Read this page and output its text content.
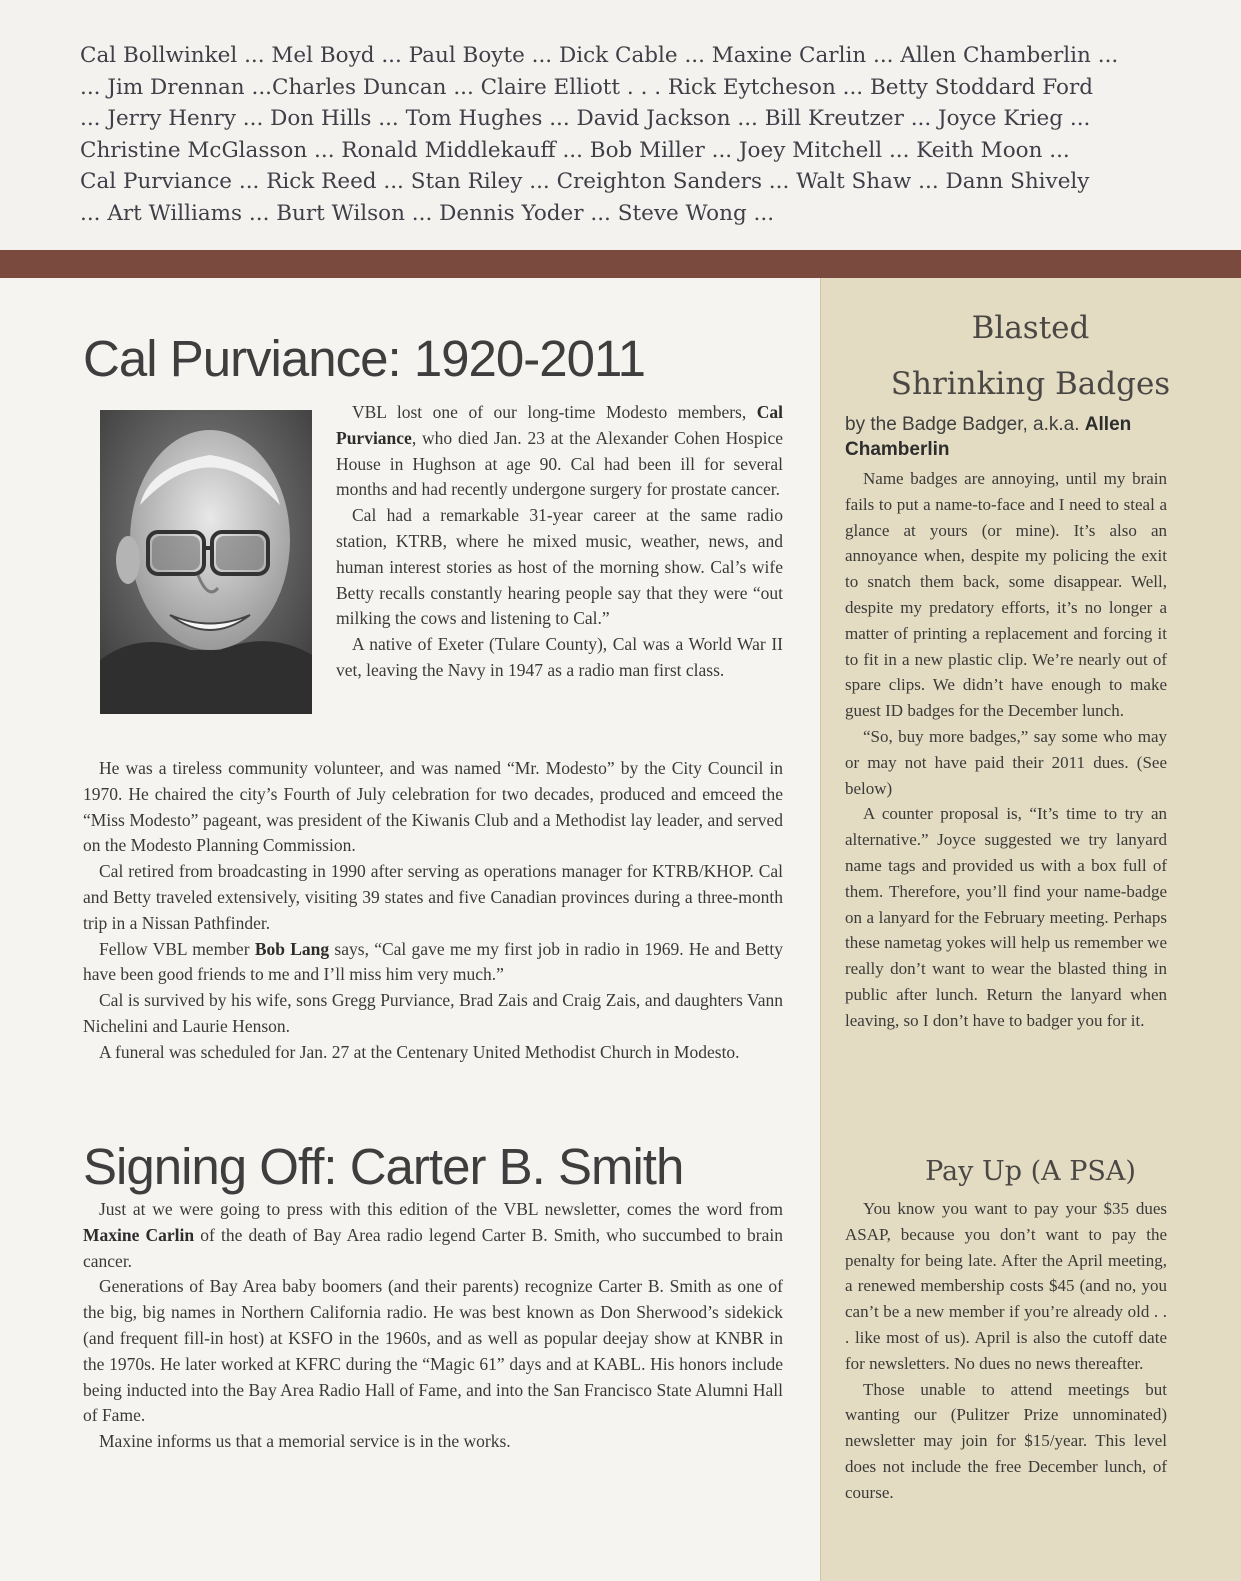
Cal Bollwinkel ... Mel Boyd ... Paul Boyte ... Dick Cable ... Maxine Carlin ... Allen Chamberlin ...
... Jim Drennan ...Charles Duncan ... Claire Elliott . . . Rick Eytcheson ... Betty Stoddard Ford
... Jerry Henry ... Don Hills ... Tom Hughes ... David Jackson ... Bill Kreutzer ... Joyce Krieg ...
Christine McGlasson ... Ronald Middlekauff ... Bob Miller ... Joey Mitchell ... Keith Moon ...
Cal Purviance ... Rick Reed ... Stan Riley ... Creighton Sanders ... Walt Shaw ... Dann Shively
... Art Williams ... Burt Wilson ... Dennis Yoder ... Steve Wong ...
Cal Purviance: 1920-2011

VBL lost one of our long-time Modesto members, Cal Purviance, who died Jan. 23 at the Alexander Cohen Hospice House in Hughson at age 90. Cal had been ill for several months and had recently undergone surgery for prostate cancer.

Cal had a remarkable 31-year career at the same radio station, KTRB, where he mixed music, weather, news, and human interest stories as host of the morning show. Cal’s wife Betty recalls constantly hearing people say that they were “out milking the cows and listening to Cal.”

A native of Exeter (Tulare County), Cal was a World War II vet, leaving the Navy in 1947 as a radio man first class.

He was a tireless community volunteer, and was named “Mr. Modesto” by the City Council in 1970. He chaired the city’s Fourth of July celebration for two decades, produced and emceed the “Miss Modesto” pageant, was president of the Kiwanis Club and a Methodist lay leader, and served on the Modesto Planning Commission.

Cal retired from broadcasting in 1990 after serving as operations manager for KTRB/KHOP. Cal and Betty traveled extensively, visiting 39 states and five Canadian provinces during a three-month trip in a Nissan Pathfinder.

Fellow VBL member Bob Lang says, “Cal gave me my first job in radio in 1969. He and Betty have been good friends to me and I’ll miss him very much.”

Cal is survived by his wife, sons Gregg Purviance, Brad Zais and Craig Zais, and daughters Vann Nichelini and Laurie Henson.

A funeral was scheduled for Jan. 27 at the Centenary United Methodist Church in Modesto.

Signing Off: Carter B. Smith

Just at we were going to press with this edition of the VBL newsletter, comes the word from Maxine Carlin of the death of Bay Area radio legend Carter B. Smith, who succumbed to brain cancer.

Generations of Bay Area baby boomers (and their parents) recognize Carter B. Smith as one of the big, big names in Northern California radio. He was best known as Don Sherwood’s sidekick (and frequent fill-in host) at KSFO in the 1960s, and as well as popular deejay show at KNBR in the 1970s. He later worked at KFRC during the “Magic 61” days and at KABL. His honors include being inducted into the Bay Area Radio Hall of Fame, and into the San Francisco State Alumni Hall of Fame.

Maxine informs us that a memorial service is in the works.

Blasted
Shrinking Badges
by the Badge Badger, a.k.a. Allen Chamberlin

Name badges are annoying, until my brain fails to put a name-to-face and I need to steal a glance at yours (or mine). It’s also an annoyance when, despite my policing the exit to snatch them back, some disappear. Well, despite my predatory efforts, it’s no longer a matter of printing a replacement and forcing it to fit in a new plastic clip. We’re nearly out of spare clips. We didn’t have enough to make guest ID badges for the December lunch.

“So, buy more badges,” say some who may or may not have paid their 2011 dues. (See below)

A counter proposal is, “It’s time to try an alternative.” Joyce suggested we try lanyard name tags and provided us with a box full of them. Therefore, you’ll find your name-badge on a lanyard for the February meeting. Perhaps these nametag yokes will help us remember we really don’t want to wear the blasted thing in public after lunch. Return the lanyard when leaving, so I don’t have to badger you for it.

Pay Up (A PSA)

You know you want to pay your $35 dues ASAP, because you don’t want to pay the penalty for being late. After the April meeting, a renewed membership costs $45 (and no, you can’t be a new member if you’re already old . . . like most of us). April is also the cutoff date for newsletters. No dues no news thereafter.

Those unable to attend meetings but wanting our (Pulitzer Prize unnominated) newsletter may join for $15/year. This level does not include the free December lunch, of course.
